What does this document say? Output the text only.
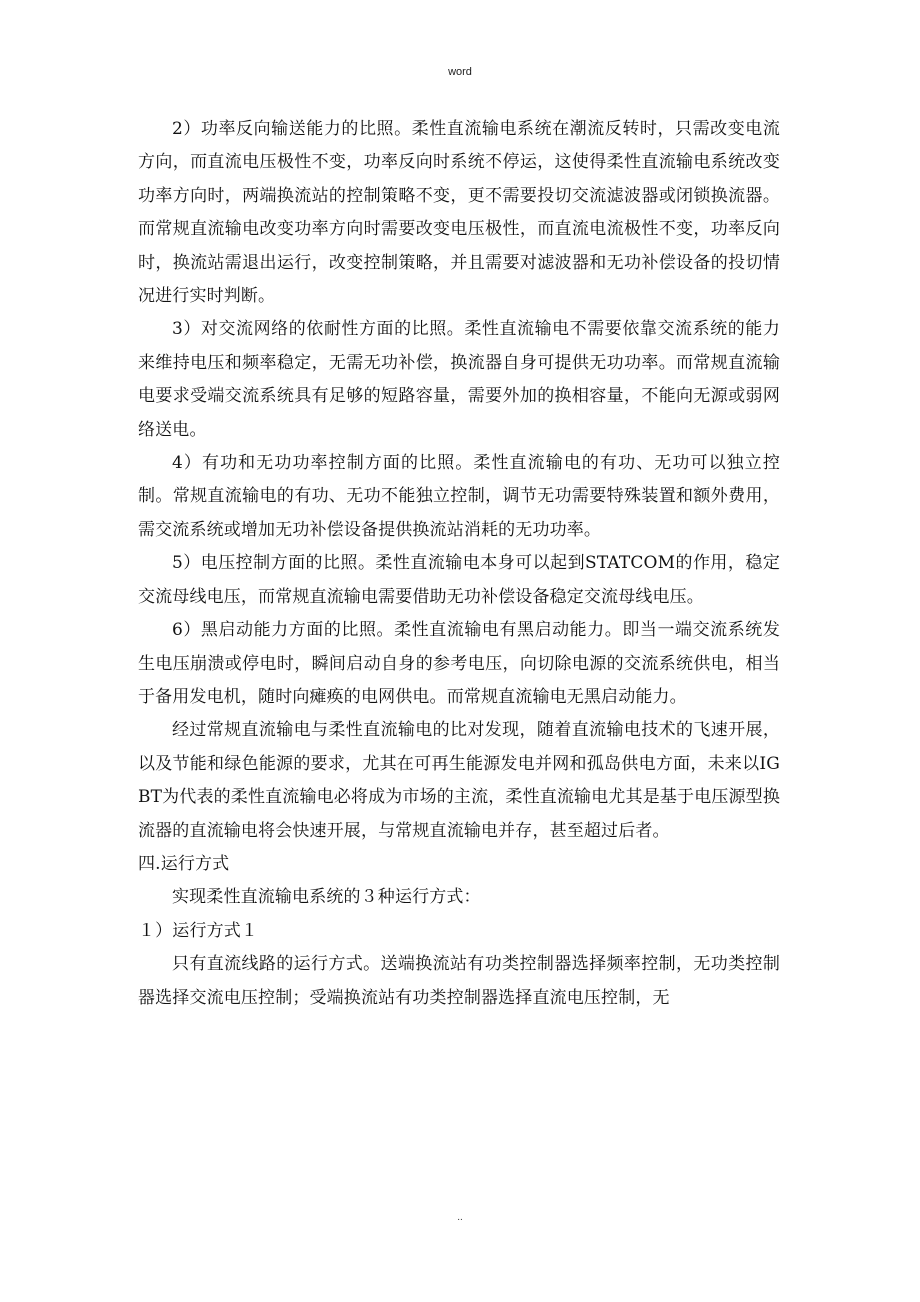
word

2）功率反向输送能力的比照。柔性直流输电系统在潮流反转时，只需改变电流方向，而直流电压极性不变，功率反向时系统不停运，这使得柔性直流输电系统改变功率方向时，两端换流站的控制策略不变，更不需要投切交流滤波器或闭锁换流器。而常规直流输电改变功率方向时需要改变电压极性，而直流电流极性不变，功率反向时，换流站需退出运行，改变控制策略，并且需要对滤波器和无功补偿设备的投切情况进行实时判断。

3）对交流网络的依耐性方面的比照。柔性直流输电不需要依靠交流系统的能力来维持电压和频率稳定，无需无功补偿，换流器自身可提供无功功率。而常规直流输电要求受端交流系统具有足够的短路容量，需要外加的换相容量，不能向无源或弱网络送电。

4）有功和无功功率控制方面的比照。柔性直流输电的有功、无功可以独立控制。常规直流输电的有功、无功不能独立控制，调节无功需要特殊装置和额外费用，需交流系统或增加无功补偿设备提供换流站消耗的无功功率。

5）电压控制方面的比照。柔性直流输电本身可以起到STATCOM的作用，稳定交流母线电压，而常规直流输电需要借助无功补偿设备稳定交流母线电压。

6）黑启动能力方面的比照。柔性直流输电有黑启动能力。即当一端交流系统发生电压崩溃或停电时，瞬间启动自身的参考电压，向切除电源的交流系统供电，相当于备用发电机，随时向瘫痪的电网供电。而常规直流输电无黑启动能力。

经过常规直流输电与柔性直流输电的比对发现，随着直流输电技术的飞速开展，以及节能和绿色能源的要求，尤其在可再生能源发电并网和孤岛供电方面，未来以IGBT为代表的柔性直流输电必将成为市场的主流，柔性直流输电尤其是基于电压源型换流器的直流输电将会快速开展，与常规直流输电并存，甚至超过后者。

四.运行方式

实现柔性直流输电系统的３种运行方式：

１）运行方式１

只有直流线路的运行方式。送端换流站有功类控制器选择频率控制，无功类控制器选择交流电压控制；受端换流站有功类控制器选择直流电压控制，无

..
